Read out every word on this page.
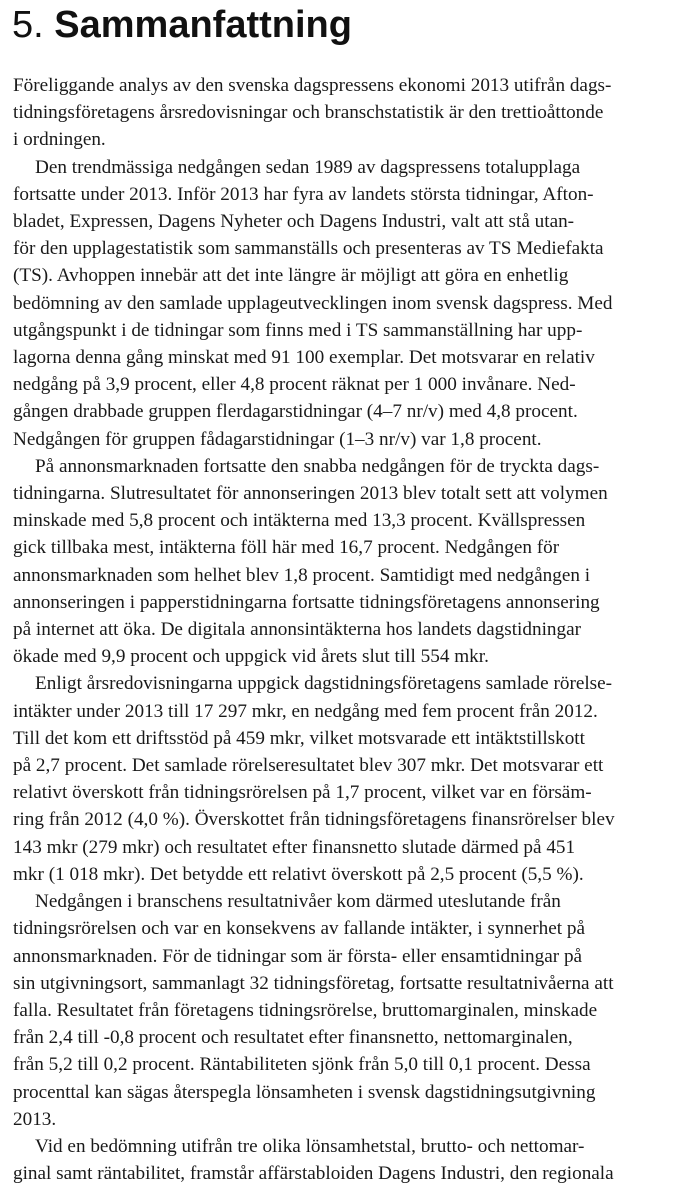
5. Sammanfattning

Föreliggande analys av den svenska dagspressens ekonomi 2013 utifrån dags-
tidningsföretagens årsredovisningar och branschstatistik är den trettioåttonde
i ordningen.

Den trendmässiga nedgången sedan 1989 av dagspressens totalupplaga
fortsatte under 2013. Inför 2013 har fyra av landets största tidningar, Afton-
bladet, Expressen, Dagens Nyheter och Dagens Industri, valt att stå utan-
för den upplagestatistik som sammanställs och presenteras av TS Mediefakta
(TS). Avhoppen innebär att det inte längre är möjligt att göra en enhetlig
bedömning av den samlade upplageutvecklingen inom svensk dagspress. Med
utgångspunkt i de tidningar som finns med i TS sammanställning har upp-
lagorna denna gång minskat med 91 100 exemplar. Det motsvarar en relativ
nedgång på 3,9 procent, eller 4,8 procent räknat per 1 000 invånare. Ned-
gången drabbade gruppen flerdagarstidningar (4–7 nr/v) med 4,8 procent.
Nedgången för gruppen fådagarstidningar (1–3 nr/v) var 1,8 procent.

På annonsmarknaden fortsatte den snabba nedgången för de tryckta dags-
tidningarna. Slutresultatet för annonseringen 2013 blev totalt sett att volymen
minskade med 5,8 procent och intäkterna med 13,3 procent. Kvällspressen
gick tillbaka mest, intäkterna föll här med 16,7 procent. Nedgången för
annonsmarknaden som helhet blev 1,8 procent. Samtidigt med nedgången i
annonseringen i papperstidningarna fortsatte tidningsföretagens annonsering
på internet att öka. De digitala annonsintäkterna hos landets dagstidningar
ökade med 9,9 procent och uppgick vid årets slut till 554 mkr.

Enligt årsredovisningarna uppgick dagstidningsföretagens samlade rörelse-
intäkter under 2013 till 17 297 mkr, en nedgång med fem procent från 2012.
Till det kom ett driftsstöd på 459 mkr, vilket motsvarade ett intäktstillskott
på 2,7 procent. Det samlade rörelseresultatet blev 307 mkr. Det motsvarar ett
relativt överskott från tidningsrörelsen på 1,7 procent, vilket var en försäm-
ring från 2012 (4,0 %). Överskottet från tidningsföretagens finansrörelser blev
143 mkr (279 mkr) och resultatet efter finansnetto slutade därmed på 451
mkr (1 018 mkr). Det betydde ett relativt överskott på 2,5 procent (5,5 %).

Nedgången i branschens resultatnivåer kom därmed uteslutande från
tidningsrörelsen och var en konsekvens av fallande intäkter, i synnerhet på
annonsmarknaden. För de tidningar som är första- eller ensamtidningar på
sin utgivningsort, sammanlagt 32 tidningsföretag, fortsatte resultatnivåerna att
falla. Resultatet från företagens tidningsrörelse, bruttomarginalen, minskade
från 2,4 till -0,8 procent och resultatet efter finansnetto, nettomarginalen,
från 5,2 till 0,2 procent. Räntabiliteten sjönk från 5,0 till 0,1 procent. Dessa
procenttal kan sägas återspegla lönsamheten i svensk dagstidningsutgivning
2013.

Vid en bedömning utifrån tre olika lönsamhetstal, brutto- och nettomar-
ginal samt räntabilitet, framstår affärstabloiden Dagens Industri, den regionala
